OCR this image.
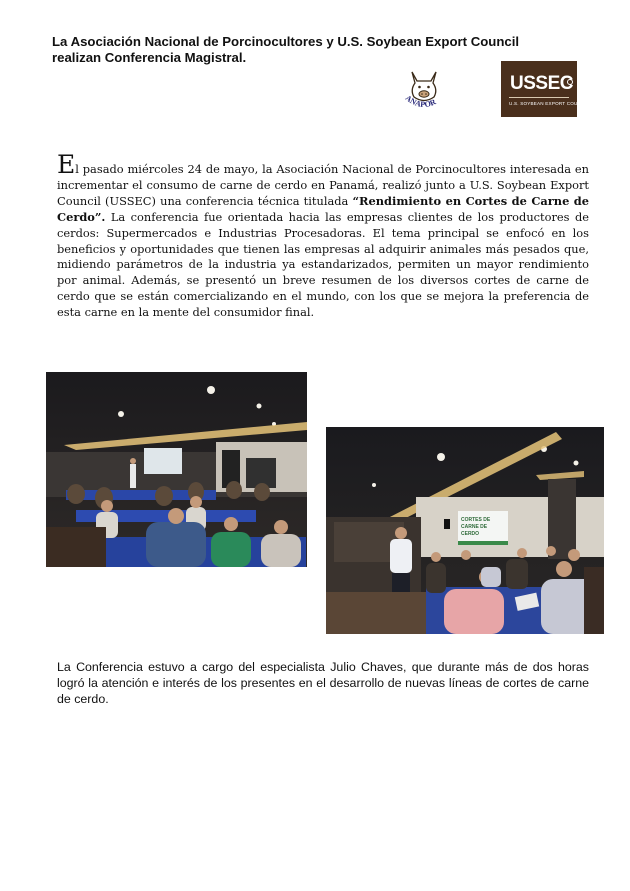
La Asociación Nacional de Porcinocultores y U.S. Soybean Export Council
realizan Conferencia Magistral.
ANAPOR
USSEC
U.S. SOYBEAN EXPORT COUNCIL

El pasado miércoles 24 de mayo, la Asociación Nacional de Porcinocultores interesada en incrementar el consumo de carne de cerdo en Panamá, realizó junto a U.S. Soybean Export Council (USSEC) una conferencia técnica titulada “Rendimiento en Cortes de Carne de Cerdo”. La conferencia fue orientada hacia las empresas clientes de los productores de cerdos: Supermercados e Industrias Procesadoras. El tema principal se enfocó en los beneficios y oportunidades que tienen las empresas al adquirir animales más pesados que, midiendo parámetros de la industria ya estandarizados, permiten un mayor rendimiento por animal. Además, se presentó un breve resumen de los diversos cortes de carne de cerdo que se están comercializando en el mundo, con los que se mejora la preferencia de esta carne en la mente del consumidor final.

CORTES DE
CARNE DE
CERDO

La Conferencia estuvo a cargo del especialista Julio Chaves, que durante más de dos horas logró la atención e interés de los presentes en el desarrollo de nuevas líneas de cortes de carne de cerdo.
